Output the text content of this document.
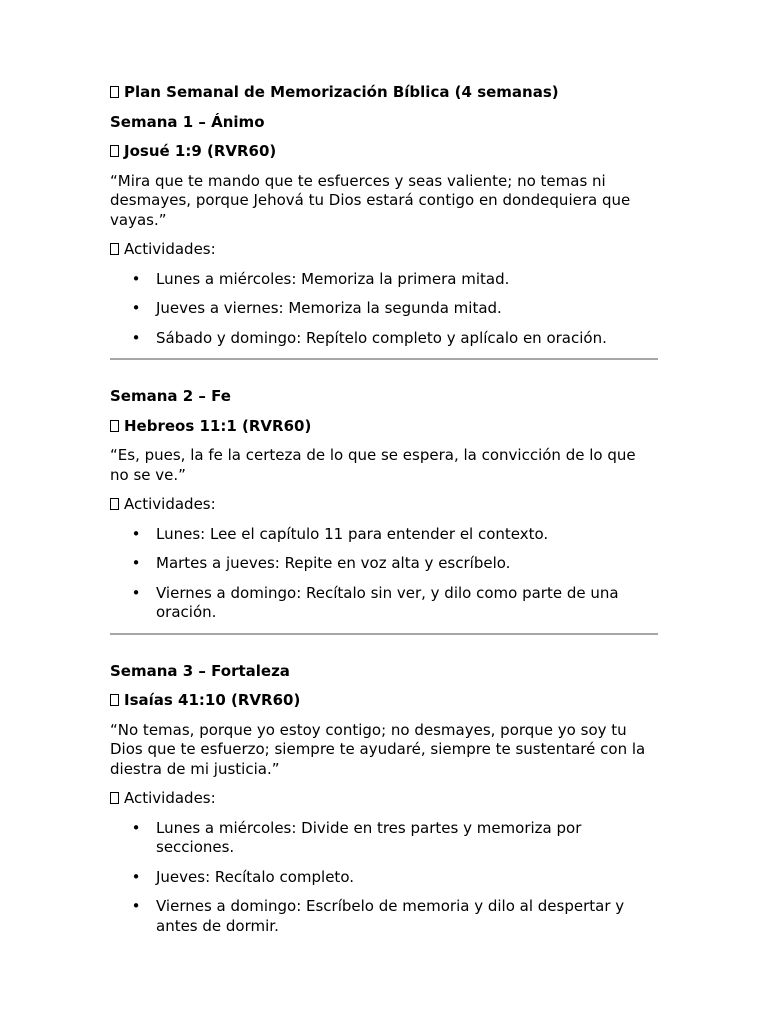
Plan Semanal de Memorización Bíblica (4 semanas)

Semana 1 – Ánimo

Josué 1:9 (RVR60)

“Mira que te mando que te esfuerces y seas valiente; no temas ni desmayes, porque Jehová tu Dios estará contigo en dondequiera que vayas.”

Actividades:

• Lunes a miércoles: Memoriza la primera mitad.
• Jueves a viernes: Memoriza la segunda mitad.
• Sábado y domingo: Repítelo completo y aplícalo en oración.

Semana 2 – Fe

Hebreos 11:1 (RVR60)

“Es, pues, la fe la certeza de lo que se espera, la convicción de lo que no se ve.”

Actividades:

• Lunes: Lee el capítulo 11 para entender el contexto.
• Martes a jueves: Repite en voz alta y escríbelo.
• Viernes a domingo: Recítalo sin ver, y dilo como parte de una oración.

Semana 3 – Fortaleza

Isaías 41:10 (RVR60)

“No temas, porque yo estoy contigo; no desmayes, porque yo soy tu Dios que te esfuerzo; siempre te ayudaré, siempre te sustentaré con la diestra de mi justicia.”

Actividades:

• Lunes a miércoles: Divide en tres partes y memoriza por secciones.
• Jueves: Recítalo completo.
• Viernes a domingo: Escríbelo de memoria y dilo al despertar y antes de dormir.
